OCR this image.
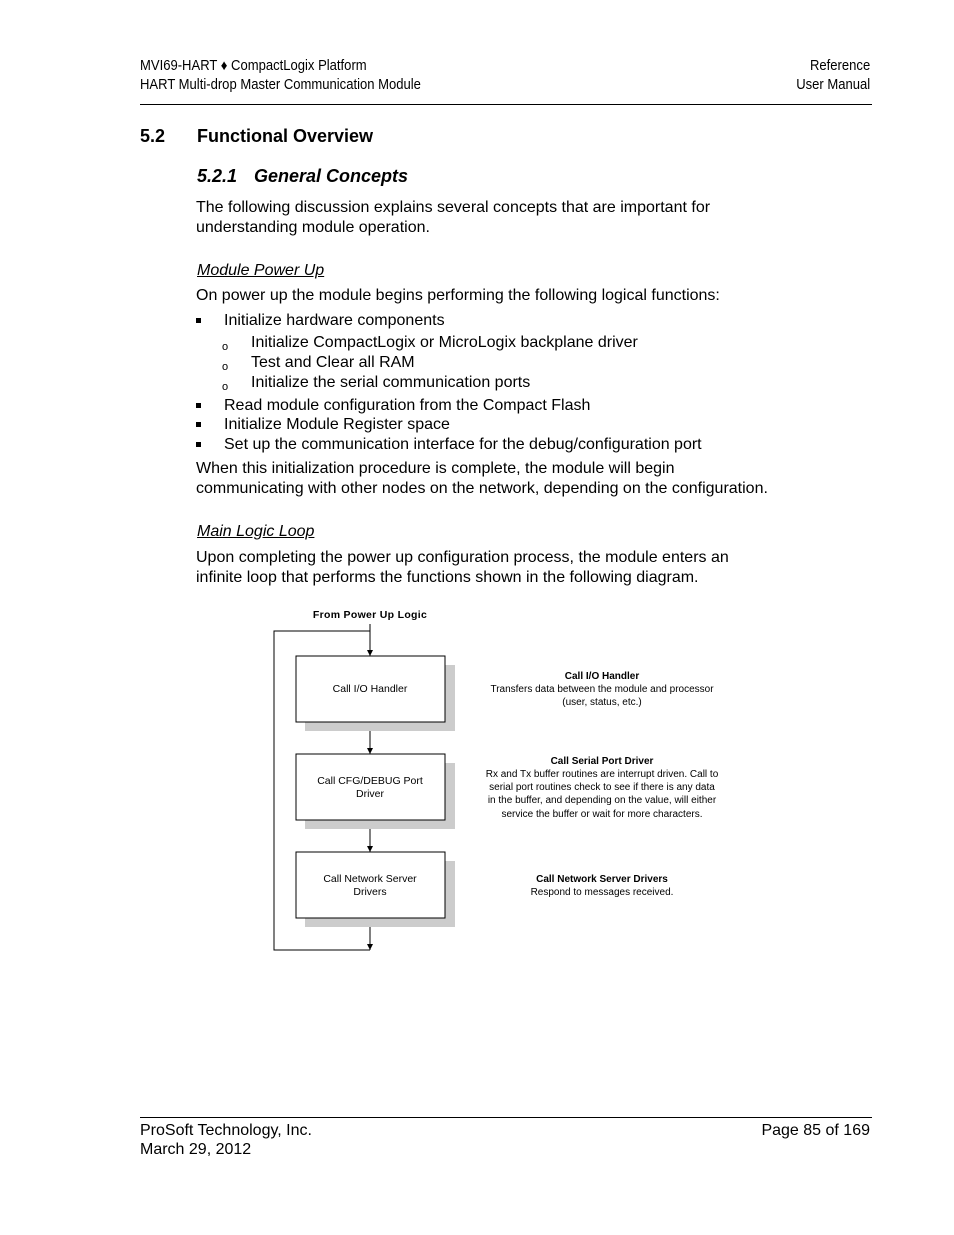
MVI69-HART ♦ CompactLogix Platform
HART Multi-drop Master Communication Module
Reference
User Manual
5.2 Functional Overview
5.2.1 General Concepts
The following discussion explains several concepts that are important for
understanding module operation.
Module Power Up
On power up the module begins performing the following logical functions:
Initialize hardware components
o Initialize CompactLogix or MicroLogix backplane driver
o Test and Clear all RAM
o Initialize the serial communication ports
Read module configuration from the Compact Flash
Initialize Module Register space
Set up the communication interface for the debug/configuration port
When this initialization procedure is complete, the module will begin
communicating with other nodes on the network, depending on the configuration.
Main Logic Loop
Upon completing the power up configuration process, the module enters an
infinite loop that performs the functions shown in the following diagram.
From Power Up Logic
Call I/O Handler
Call CFG/DEBUG Port
Driver
Call Network Server
Drivers
Call I/O Handler
Transfers data between the module and processor
(user, status, etc.)
Call Serial Port Driver
Rx and Tx buffer routines are interrupt driven. Call to
serial port routines check to see if there is any data
in the buffer, and depending on the value, will either
service the buffer or wait for more characters.
Call Network Server Drivers
Respond to messages received.
ProSoft Technology, Inc.
March 29, 2012
Page 85 of 169
